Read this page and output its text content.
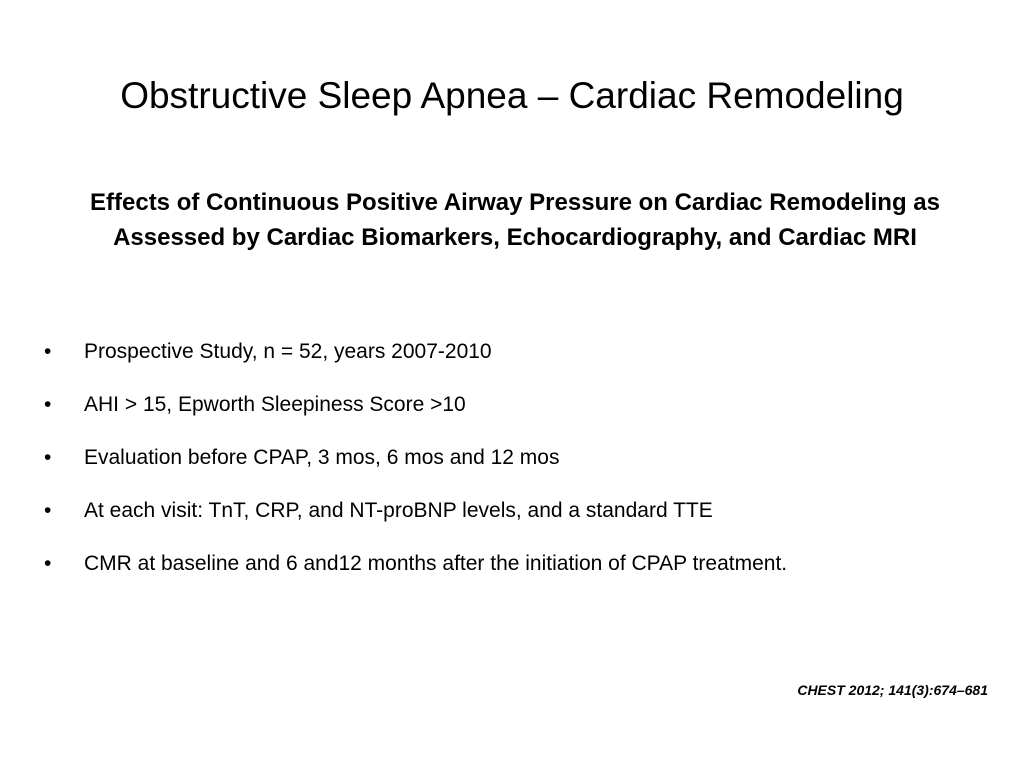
Obstructive Sleep Apnea – Cardiac Remodeling
Effects of Continuous Positive Airway Pressure on Cardiac Remodeling as Assessed by Cardiac Biomarkers, Echocardiography, and Cardiac MRI
•	Prospective Study, n = 52, years 2007-2010
•	AHI > 15, Epworth Sleepiness Score >10
•	Evaluation before CPAP, 3 mos, 6 mos and 12 mos
•	At each visit: TnT, CRP, and NT-proBNP levels, and a standard TTE
•	CMR at baseline and 6 and12 months after the initiation of CPAP treatment.
CHEST 2012; 141(3):674–681
